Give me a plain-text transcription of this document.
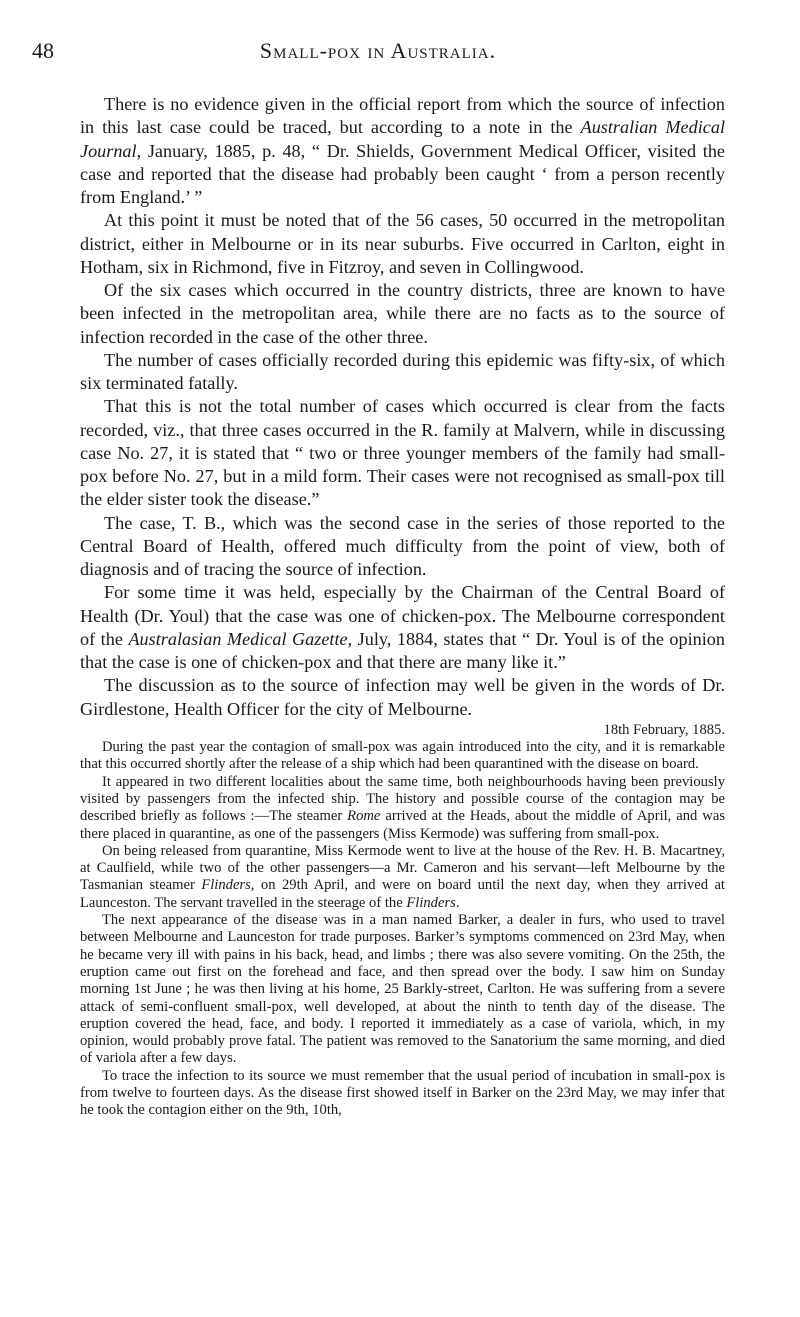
48	Small-pox in Australia.

There is no evidence given in the official report from which the source of infection in this last case could be traced, but according to a note in the Australian Medical Journal, January, 1885, p. 48, “ Dr. Shields, Government Medical Officer, visited the case and reported that the disease had probably been caught ‘ from a person recently from England.’ ”

At this point it must be noted that of the 56 cases, 50 occurred in the metropolitan district, either in Melbourne or in its near suburbs. Five occurred in Carlton, eight in Hotham, six in Richmond, five in Fitzroy, and seven in Collingwood.

Of the six cases which occurred in the country districts, three are known to have been infected in the metropolitan area, while there are no facts as to the source of infection recorded in the case of the other three.

The number of cases officially recorded during this epidemic was fifty-six, of which six terminated fatally.

That this is not the total number of cases which occurred is clear from the facts recorded, viz., that three cases occurred in the R. family at Malvern, while in discussing case No. 27, it is stated that “ two or three younger members of the family had small-pox before No. 27, but in a mild form. Their cases were not recognised as small-pox till the elder sister took the disease.”

The case, T. B., which was the second case in the series of those reported to the Central Board of Health, offered much difficulty from the point of view, both of diagnosis and of tracing the source of infection.

For some time it was held, especially by the Chairman of the Central Board of Health (Dr. Youl) that the case was one of chicken-pox. The Melbourne correspondent of the Australasian Medical Gazette, July, 1884, states that “ Dr. Youl is of the opinion that the case is one of chicken-pox and that there are many like it.”

The discussion as to the source of infection may well be given in the words of Dr. Girdlestone, Health Officer for the city of Melbourne.

18th February, 1885.

During the past year the contagion of small-pox was again introduced into the city, and it is remarkable that this occurred shortly after the release of a ship which had been quarantined with the disease on board.

It appeared in two different localities about the same time, both neighbourhoods having been previously visited by passengers from the infected ship. The history and possible course of the contagion may be described briefly as follows :—The steamer Rome arrived at the Heads, about the middle of April, and was there placed in quarantine, as one of the passengers (Miss Kermode) was suffering from small-pox.

On being released from quarantine, Miss Kermode went to live at the house of the Rev. H. B. Macartney, at Caulfield, while two of the other passengers—a Mr. Cameron and his servant—left Melbourne by the Tasmanian steamer Flinders, on 29th April, and were on board until the next day, when they arrived at Launceston. The servant travelled in the steerage of the Flinders.

The next appearance of the disease was in a man named Barker, a dealer in furs, who used to travel between Melbourne and Launceston for trade purposes. Barker’s symptoms commenced on 23rd May, when he became very ill with pains in his back, head, and limbs ; there was also severe vomiting. On the 25th, the eruption came out first on the forehead and face, and then spread over the body. I saw him on Sunday morning 1st June ; he was then living at his home, 25 Barkly-street, Carlton. He was suffering from a severe attack of semi-confluent small-pox, well developed, at about the ninth to tenth day of the disease. The eruption covered the head, face, and body. I reported it immediately as a case of variola, which, in my opinion, would probably prove fatal. The patient was removed to the Sanatorium the same morning, and died of variola after a few days.

To trace the infection to its source we must remember that the usual period of incubation in small-pox is from twelve to fourteen days. As the disease first showed itself in Barker on the 23rd May, we may infer that he took the contagion either on the 9th, 10th,
